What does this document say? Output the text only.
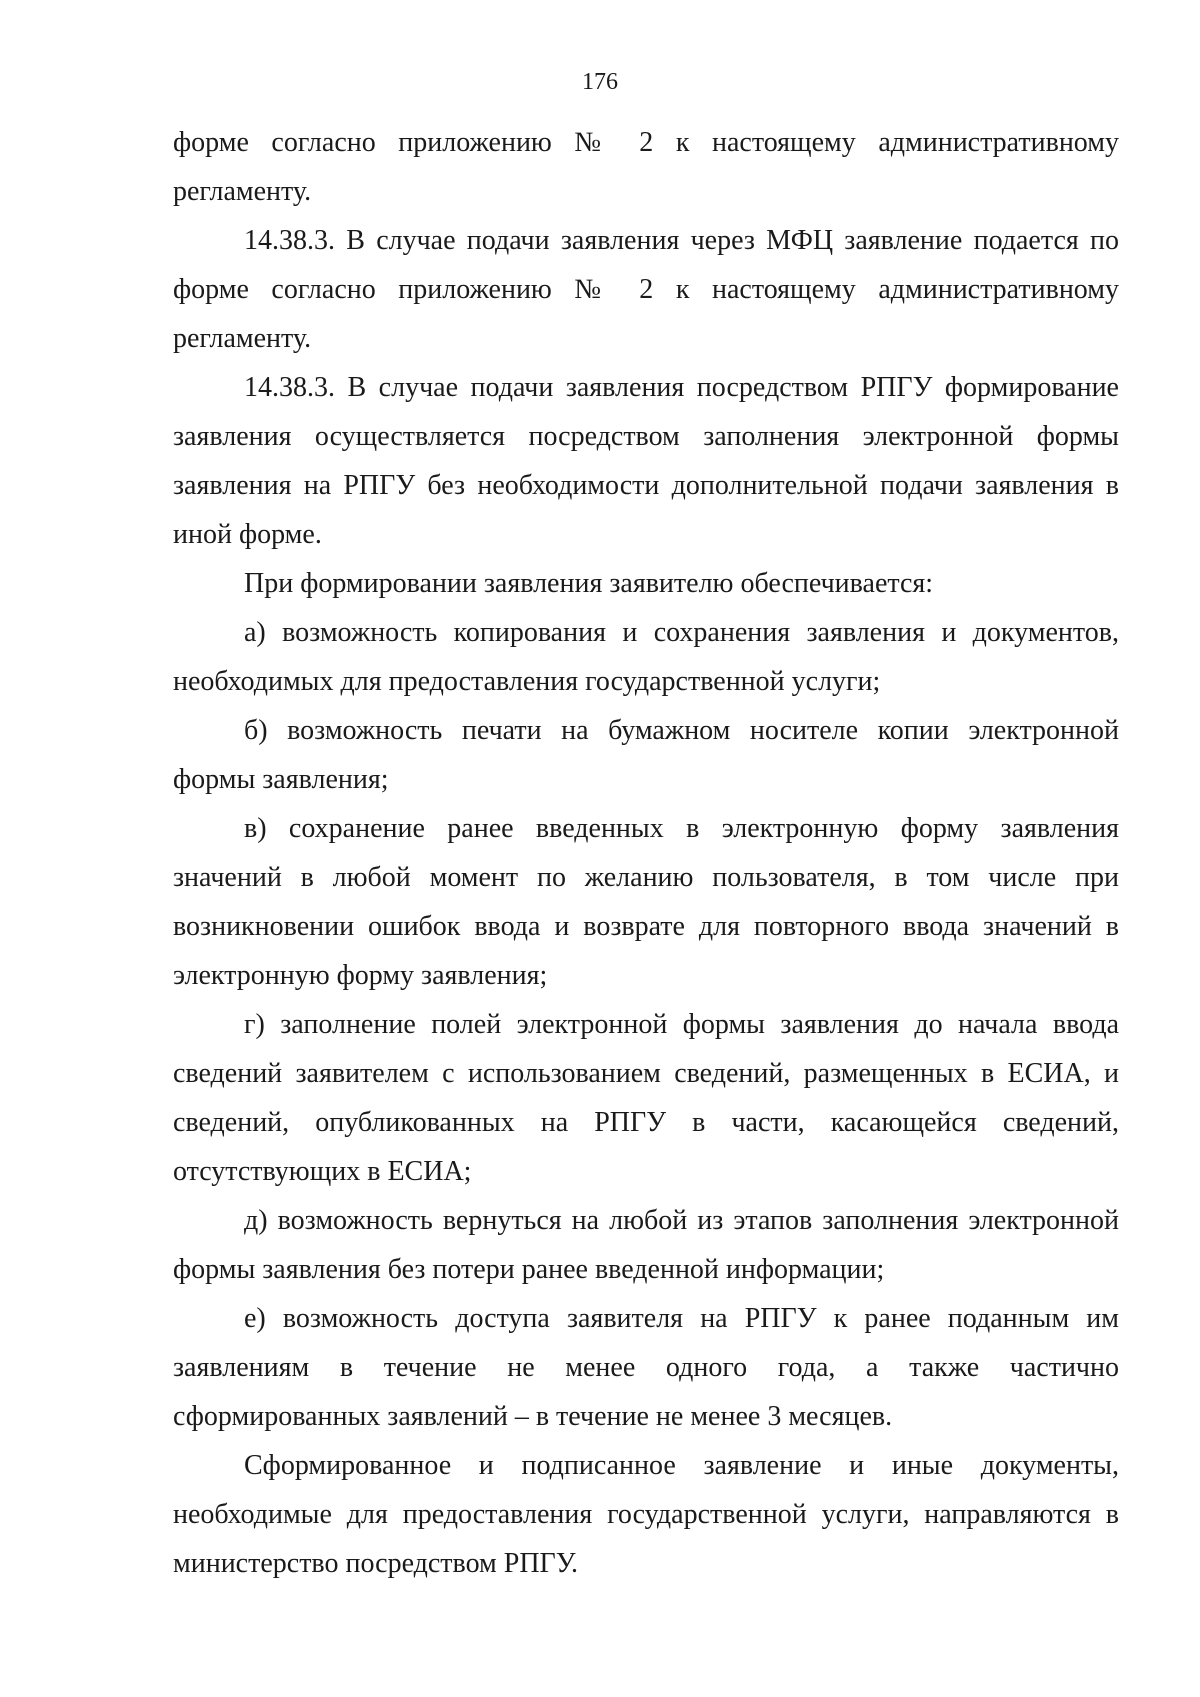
176

форме согласно приложению № 2 к настоящему административному регламенту.

14.38.3. В случае подачи заявления через МФЦ заявление подается по форме согласно приложению № 2 к настоящему административному регламенту.

14.38.3. В случае подачи заявления посредством РПГУ формирование заявления осуществляется посредством заполнения электронной формы заявления на РПГУ без необходимости дополнительной подачи заявления в иной форме.

При формировании заявления заявителю обеспечивается:

а) возможность копирования и сохранения заявления и документов, необходимых для предоставления государственной услуги;

б) возможность печати на бумажном носителе копии электронной формы заявления;

в) сохранение ранее введенных в электронную форму заявления значений в любой момент по желанию пользователя, в том числе при возникновении ошибок ввода и возврате для повторного ввода значений в электронную форму заявления;

г) заполнение полей электронной формы заявления до начала ввода сведений заявителем с использованием сведений, размещенных в ЕСИА, и сведений, опубликованных на РПГУ в части, касающейся сведений, отсутствующих в ЕСИА;

д) возможность вернуться на любой из этапов заполнения электронной формы заявления без потери ранее введенной информации;

е) возможность доступа заявителя на РПГУ к ранее поданным им заявлениям в течение не менее одного года, а также частично сформированных заявлений – в течение не менее 3 месяцев.

Сформированное и подписанное заявление и иные документы, необходимые для предоставления государственной услуги, направляются в министерство посредством РПГУ.
